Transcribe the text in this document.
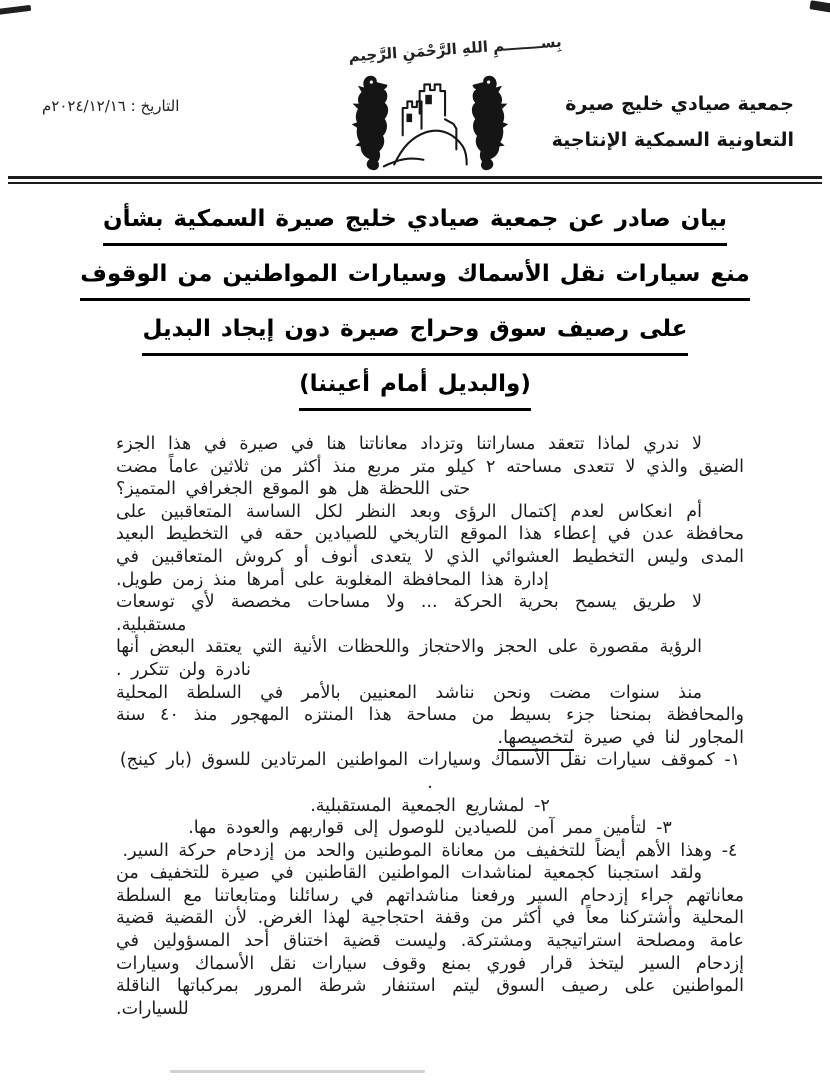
بِســـــــمِ اللهِ الرَّحْمَنِ الرَّحِيم
جمعية صيادي خليج صيرة
التعاونية السمكية الإنتاجية
التاريخ : ٢٠٢٤/١٢/١٦م
بيان صادر عن جمعية صيادي خليج صيرة السمكية بشأن
منع سيارات نقل الأسماك وسيارات المواطنين من الوقوف
على رصيف سوق وحراج صيرة دون إيجاد البديل
(والبديل أمام أعيننا)

لا ندري لماذا تتعقد مساراتنا وتزداد معاناتنا هنا في صيرة في هذا الجزء الضيق والذي لا تتعدى مساحته ٢ كيلو متر مربع منذ أكثر من ثلاثين عاماً مضت حتى اللحظة هل هو الموقع الجغرافي المتميز؟

أم انعكاس لعدم إكتمال الرؤى وبعد النظر لكل الساسة المتعاقبين على محافظة عدن في إعطاء هذا الموقع التاريخي للصيادين حقه في التخطيط البعيد المدى وليس التخطيط العشوائي الذي لا يتعدى أنوف أو كروش المتعاقبين في إدارة هذا المحافظة المغلوبة على أمرها منذ زمن طويل.

لا طريق يسمح بحرية الحركة ... ولا مساحات مخصصة لأي توسعات مستقبلية.

الرؤية مقصورة على الحجز والاحتجاز واللحظات الأنية التي يعتقد البعض أنها نادرة ولن تتكرر .

منذ سنوات مضت ونحن نناشد المعنيين بالأمر في السلطة المحلية والمحافظة بمنحنا جزء بسيط من مساحة هذا المنتزه المهجور منذ ٤٠ سنة المجاور لنا في صيرة لتخصيصها.

١- كموقف سيارات نقل الأسماك وسيارات المواطنين المرتادين للسوق (بار كينج) .
٢- لمشاريع الجمعية المستقبلية.
٣- لتأمين ممر آمن للصيادين للوصول إلى قواربهم والعودة مها.
٤- وهذا الأهم أيضاً للتخفيف من معاناة الموطنين والحد من إزدحام حركة السير.

ولقد استجبنا كجمعية لمناشدات المواطنين القاطنين في صيرة للتخفيف من معاناتهم جراء إزدحام السير ورفعنا مناشداتهم في رسائلنا ومتابعاتنا مع السلطة المحلية وأشتركنا معاً في أكثر من وقفة احتجاجية لهذا الغرض. لأن القضية قضية عامة ومصلحة استراتيجية ومشتركة. وليست قضية اختناق أحد المسؤولين في إزدحام السير ليتخذ قرار فوري بمنع وقوف سيارات نقل الأسماك وسيارات المواطنين على رصيف السوق ليتم استنفار شرطة المرور بمركباتها الناقلة للسيارات.
